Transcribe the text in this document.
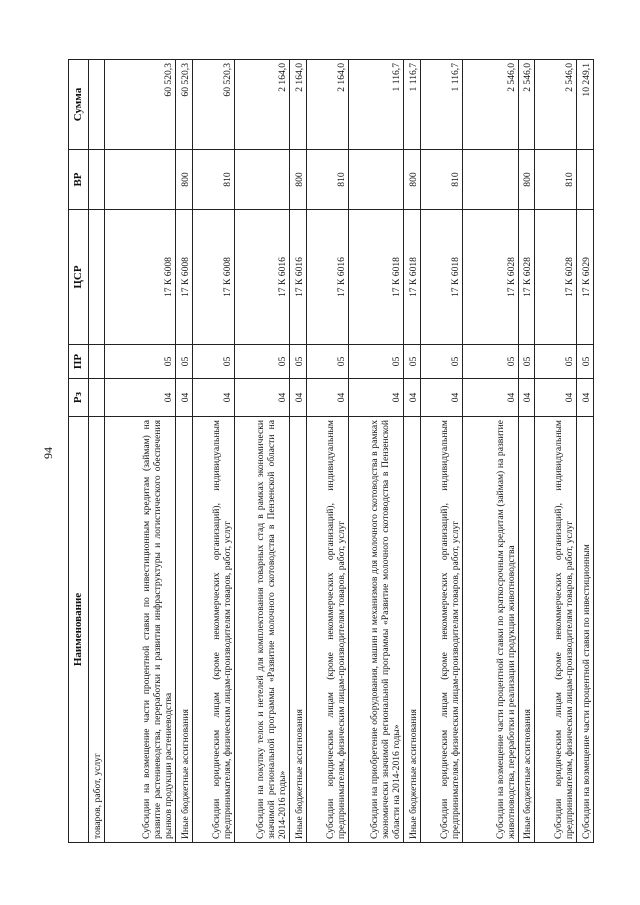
94
Наименование	Рз	ПР	ЦСР	ВР	Сумма
товаров, работ, услуг					
Субсидии на возмещение части процентной ставки по инвестиционным кредитам (займам) на развитие растениеводства, переработки и развития инфраструктуры и логистического обеспечения рынков продукции растениеводства	04	05	17 К 6008		60 520,3
Иные бюджетные ассигнования	04	05	17 К 6008	800	60 520,3
Субсидии юридическим лицам (кроме некоммерческих организаций), индивидуальным предпринимателям, физическим лицам-производителям товаров, работ, услуг	04	05	17 К 6008	810	60 520,3
Субсидии на покупку телок и нетелей для комплектования товарных стад в рамках экономически значимой региональной программы «Развитие молочного скотоводства в Пензенской области на 2014-2016 годы»	04	05	17 К 6016		2 164,0
Иные бюджетные ассигнования	04	05	17 К 6016	800	2 164,0
Субсидии юридическим лицам (кроме некоммерческих организаций), индивидуальным предпринимателям, физическим лицам-производителям товаров, работ, услуг	04	05	17 К 6016	810	2 164,0
Субсидии на приобретение оборудования, машин и механизмов для молочного скотоводства в рамках экономически значимой региональной программы «Развитие молочного скотоводства в Пензенской области на 2014-2016 годы»	04	05	17 К 6018		1 116,7
Иные бюджетные ассигнования	04	05	17 К 6018	800	1 116,7
Субсидии юридическим лицам (кроме некоммерческих организаций), индивидуальным предпринимателям, физическим лицам-производителям товаров, работ, услуг	04	05	17 К 6018	810	1 116,7
Субсидии на возмещение части процентной ставки по краткосрочным кредитам (займам) на развитие животноводства, переработки и реализации продукции животноводства	04	05	17 К 6028		2 546,0
Иные бюджетные ассигнования	04	05	17 К 6028	800	2 546,0
Субсидии юридическим лицам (кроме некоммерческих организаций), индивидуальным предпринимателям, физическим лицам-производителям товаров, работ, услуг	04	05	17 К 6028	810	2 546,0
Субсидии на возмещение части процентной ставки по инвестиционным	04	05	17 К 6029		10 249,1
